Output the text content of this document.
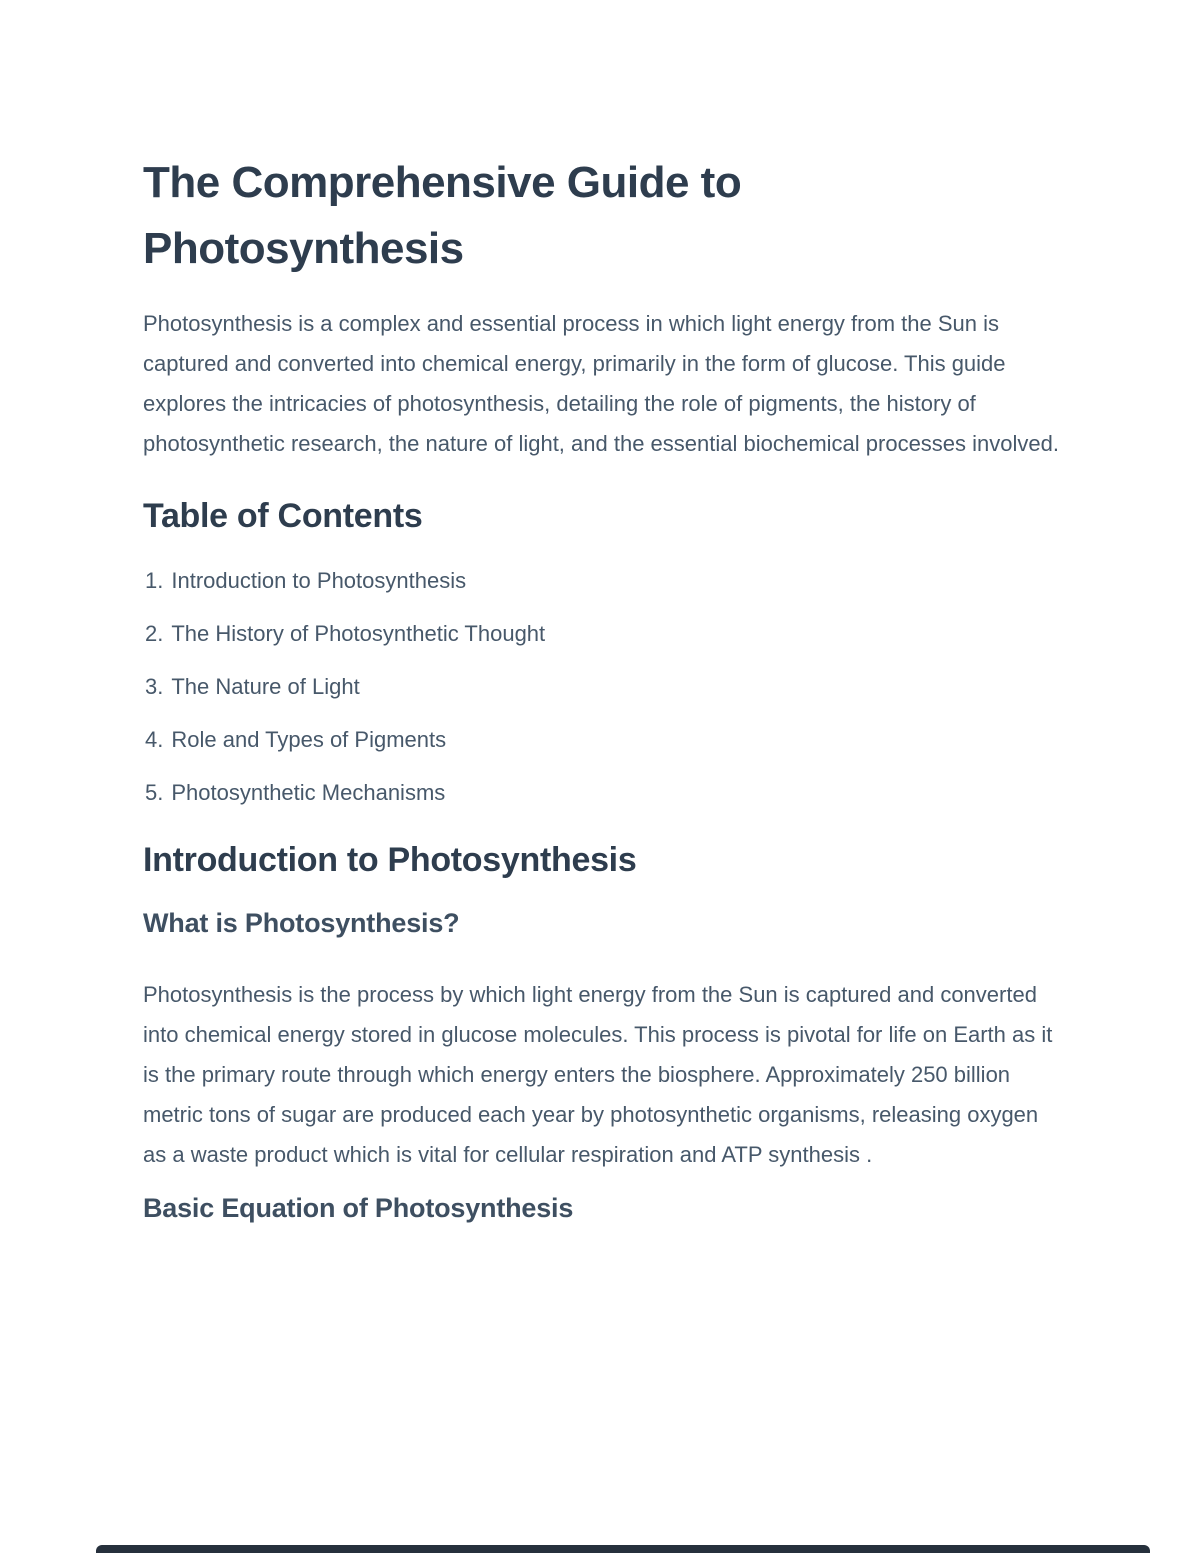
The Comprehensive Guide to Photosynthesis

Photosynthesis is a complex and essential process in which light energy from the Sun is captured and converted into chemical energy, primarily in the form of glucose. This guide explores the intricacies of photosynthesis, detailing the role of pigments, the history of photosynthetic research, the nature of light, and the essential biochemical processes involved.

Table of Contents
1. Introduction to Photosynthesis
2. The History of Photosynthetic Thought
3. The Nature of Light
4. Role and Types of Pigments
5. Photosynthetic Mechanisms
Introduction to Photosynthesis
What is Photosynthesis?

Photosynthesis is the process by which light energy from the Sun is captured and converted into chemical energy stored in glucose molecules. This process is pivotal for life on Earth as it is the primary route through which energy enters the biosphere. Approximately 250 billion metric tons of sugar are produced each year by photosynthetic organisms, releasing oxygen as a waste product which is vital for cellular respiration and ATP synthesis .

Basic Equation of Photosynthesis
